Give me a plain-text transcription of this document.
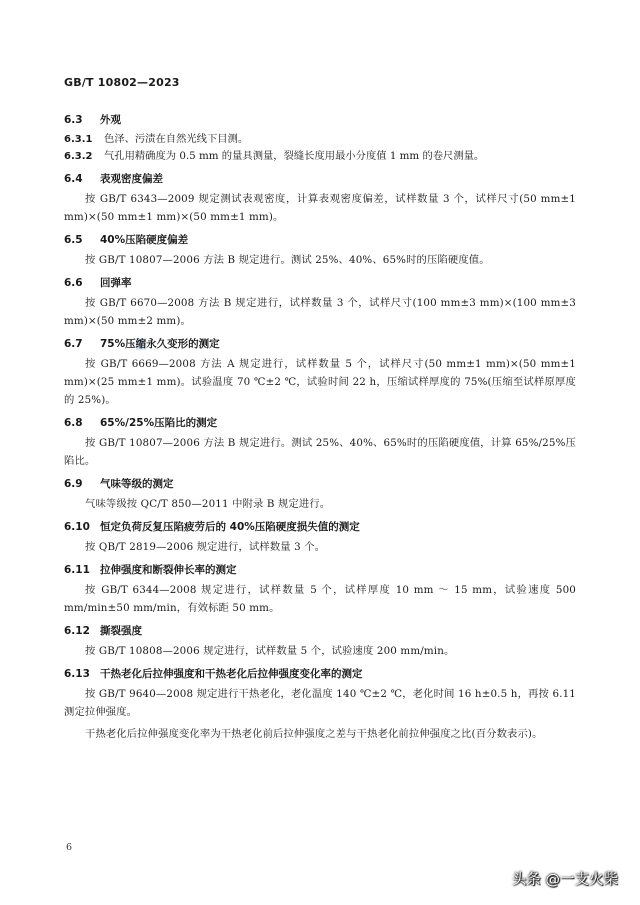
GB/T 10802—2023
6.3 外观
6.3.1 色泽、污渍在自然光线下目测。
6.3.2 气孔用精确度为 0.5 mm 的量具测量，裂缝长度用最小分度值 1 mm 的卷尺测量。
6.4 表观密度偏差

按 GB/T 6343—2009 规定测试表观密度，计算表观密度偏差，试样数量 3 个，试样尺寸(50 mm±1 mm)×(50 mm±1 mm)×(50 mm±1 mm)。

6.5 40%压陷硬度偏差

按 GB/T 10807—2006 方法 B 规定进行。测试 25%、40%、65%时的压陷硬度值。

6.6 回弹率

按 GB/T 6670—2008 方法 B 规定进行，试样数量 3 个，试样尺寸(100 mm±3 mm)×(100 mm±3 mm)×(50 mm±2 mm)。

6.7 75%压缩永久变形的测定

按 GB/T 6669—2008 方法 A 规定进行，试样数量 5 个，试样尺寸(50 mm±1 mm)×(50 mm±1 mm)×(25 mm±1 mm)。试验温度 70 ℃±2 ℃，试验时间 22 h，压缩试样厚度的 75%(压缩至试样原厚度的 25%)。

6.8 65%/25%压陷比的测定

按 GB/T 10807—2006 方法 B 规定进行。测试 25%、40%、65%时的压陷硬度值，计算 65%/25%压陷比。

6.9 气味等级的测定

气味等级按 QC/T 850—2011 中附录 B 规定进行。

6.10 恒定负荷反复压陷疲劳后的 40%压陷硬度损失值的测定

按 QB/T 2819—2006 规定进行，试样数量 3 个。

6.11 拉伸强度和断裂伸长率的测定

按 GB/T 6344—2008 规定进行，试样数量 5 个，试样厚度 10 mm ～ 15 mm，试验速度 500 mm/min±50 mm/min，有效标距 50 mm。

6.12 撕裂强度

按 GB/T 10808—2006 规定进行，试样数量 5 个，试验速度 200 mm/min。

6.13 干热老化后拉伸强度和干热老化后拉伸强度变化率的测定

按 GB/T 9640—2008 规定进行干热老化，老化温度 140 ℃±2 ℃，老化时间 16 h±0.5 h，再按 6.11 测定拉伸强度。

干热老化后拉伸强度变化率为干热老化前后拉伸强度之差与干热老化前拉伸强度之比(百分数表示)。

6
头条 @一支火柴
